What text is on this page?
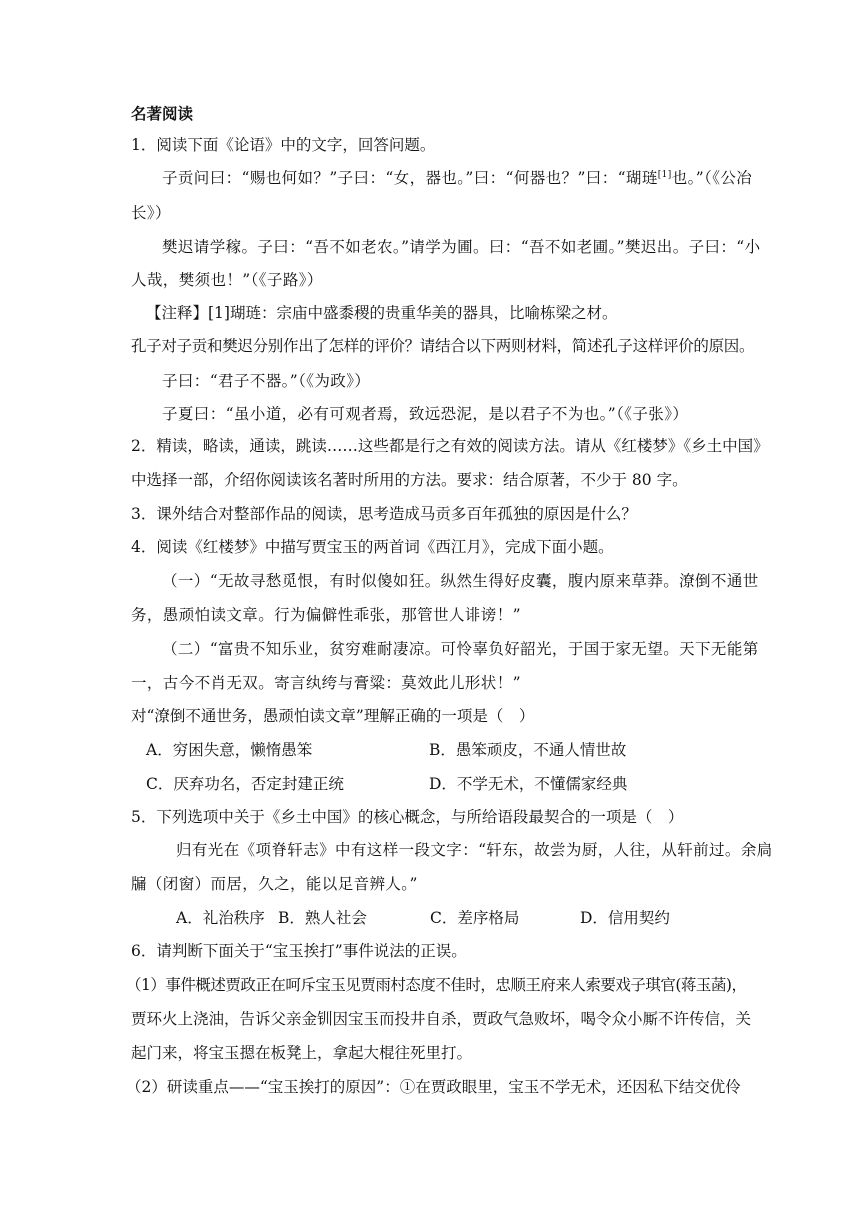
名著阅读
1．阅读下面《论语》中的文字，回答问题。
子贡问曰：“赐也何如？”子曰：“女，器也。”曰：“何器也？”曰：“瑚琏[1]也。”（《公冶
长》）
樊迟请学稼。子曰：“吾不如老农。”请学为圃。曰：“吾不如老圃。”樊迟出。子曰：“小
人哉，樊须也！”（《子路》）
【注释】[1]瑚琏：宗庙中盛黍稷的贵重华美的器具，比喻栋梁之材。
孔子对子贡和樊迟分别作出了怎样的评价？请结合以下两则材料，简述孔子这样评价的原因。
子曰：“君子不器。”（《为政》）
子夏曰：“虽小道，必有可观者焉，致远恐泥，是以君子不为也。”（《子张》）
2．精读，略读，通读，跳读……这些都是行之有效的阅读方法。请从《红楼梦》《乡土中国》
中选择一部，介绍你阅读该名著时所用的方法。要求：结合原著，不少于 80 字。
3．课外结合对整部作品的阅读，思考造成马贡多百年孤独的原因是什么？
4．阅读《红楼梦》中描写贾宝玉的两首词《西江月》，完成下面小题。
（一）“无故寻愁觅恨，有时似傻如狂。纵然生得好皮囊，腹内原来草莽。潦倒不通世
务，愚顽怕读文章。行为偏僻性乖张，那管世人诽谤！”
（二）“富贵不知乐业，贫穷难耐凄凉。可怜辜负好韶光，于国于家无望。天下无能第
一，古今不肖无双。寄言纨绔与膏粱：莫效此儿形状！”
对“潦倒不通世务，愚顽怕读文章”理解正确的一项是（　）
A．穷困失意，懒惰愚笨	B．愚笨顽皮，不通人情世故
C．厌弃功名，否定封建正统	D．不学无术，不懂儒家经典
5．下列选项中关于《乡土中国》的核心概念，与所给语段最契合的一项是（　）
归有光在《项脊轩志》中有这样一段文字：“轩东，故尝为厨，人往，从轩前过。余扃
牖（闭窗）而居，久之，能以足音辨人。”
A．礼治秩序 B．熟人社会	C．差序格局	D．信用契约
6．请判断下面关于“宝玉挨打”事件说法的正误。
（1）事件概述贾政正在呵斥宝玉见贾雨村态度不佳时，忠顺王府来人索要戏子琪官(蒋玉菡)，
贾环火上浇油，告诉父亲金钏因宝玉而投井自杀，贾政气急败坏，喝令众小厮不许传信，关
起门来，将宝玉摁在板凳上，拿起大棍往死里打。
（2）研读重点——“宝玉挨打的原因”：①在贾政眼里，宝玉不学无术，还因私下结交优伶
